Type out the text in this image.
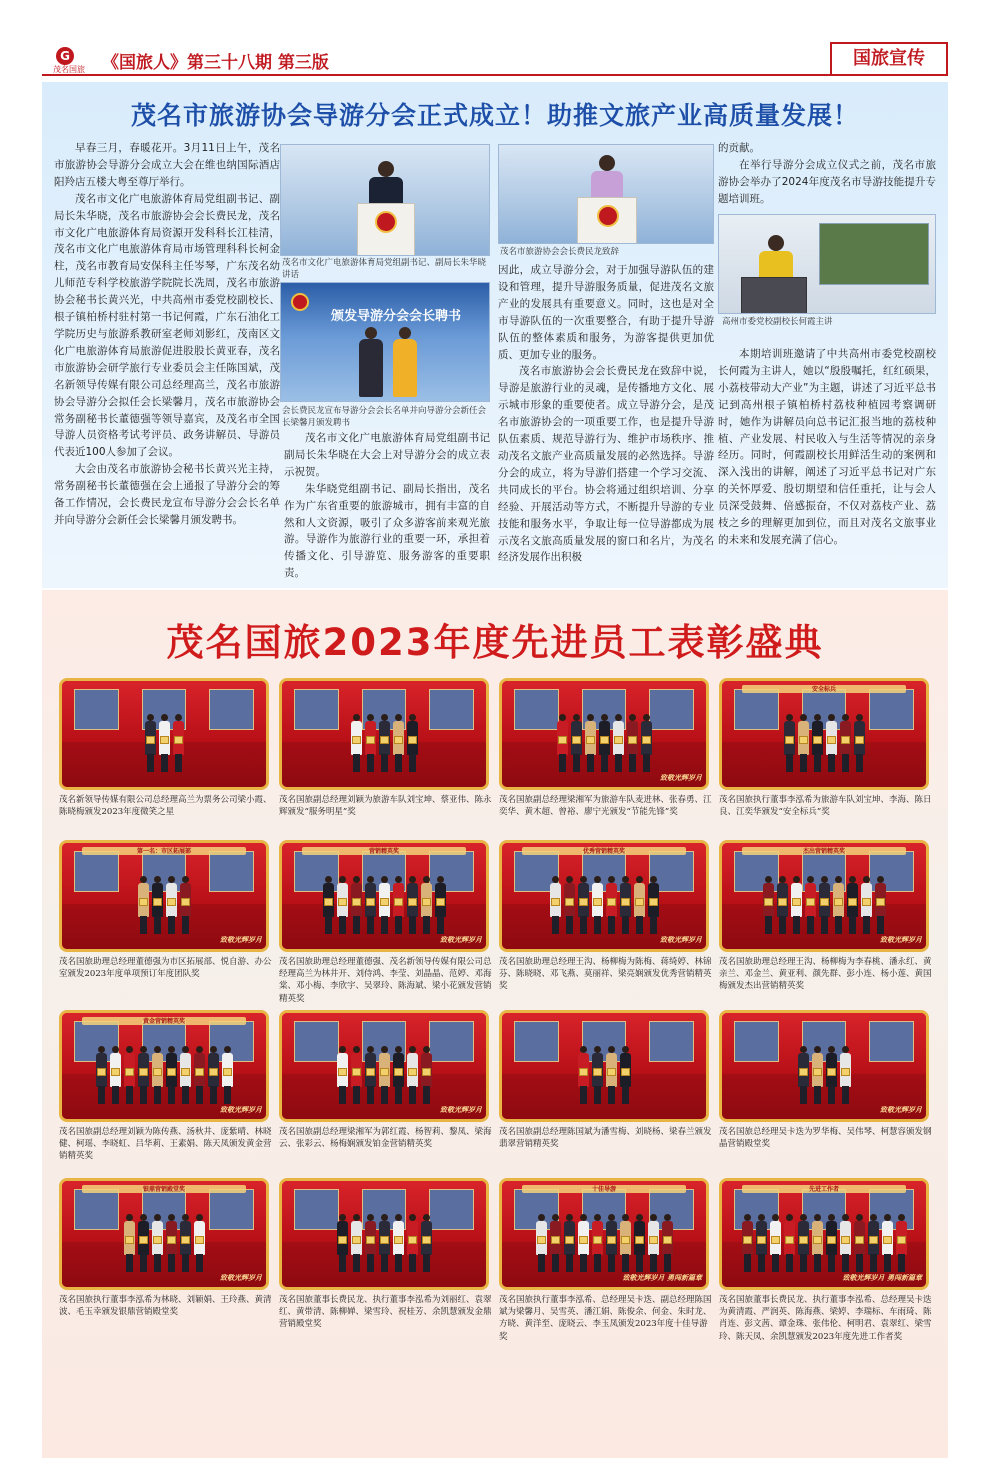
G
茂名国旅	《国旅人》第三十八期 第三版	国旅宣传
茂名市旅游协会导游分会正式成立！助推文旅产业高质量发展！

早春三月，春暖花开。3月11日上午，茂名市旅游协会导游分会成立大会在维也纳国际酒店阳羚店五楼大粤至尊厅举行。

茂名市文化广电旅游体育局党组副书记、副局长朱华晓，茂名市旅游协会会长费民龙，茂名市文化广电旅游体育局资源开发科科长江桂清，茂名市文化广电旅游体育局市场管理科科长柯金柱，茂名市教育局安保科主任岑琴，广东茂名幼儿师范专科学校旅游学院院长冼周，茂名市旅游协会秘书长黄兴光，中共高州市委党校副校长、根子镇柏桥村驻村第一书记何霞，广东石油化工学院历史与旅游系教研室老师刘影红，茂南区文化广电旅游体育局旅游促进股股长黄亚春，茂名市旅游协会研学旅行专业委员会主任陈国斌，茂名新领导传媒有限公司总经理高兰，茂名市旅游协会导游分会拟任会长梁馨月，茂名市旅游协会常务副秘书长董德强等领导嘉宾，及茂名市全国导游人员资格考试考评员、政务讲解员、导游员代表近100人参加了会议。

大会由茂名市旅游协会秘书长黄兴光主持，常务副秘书长董德强在会上通报了导游分会的筹备工作情况，会长费民龙宣布导游分会会长名单并向导游分会新任会长梁馨月颁发聘书。

茂名市文化广电旅游体育局党组副书记、副局长朱华晓讲话
颁发导游分会会长聘书
会长费民龙宣布导游分会会长名单并向导游分会新任会长梁馨月颁发聘书

茂名市文化广电旅游体育局党组副书记副局长朱华晓在大会上对导游分会的成立表示祝贺。

朱华晓党组副书记、副局长指出，茂名作为广东省重要的旅游城市，拥有丰富的自然和人文资源，吸引了众多游客前来观光旅游。导游作为旅游行业的重要一环，承担着传播文化、引导游览、服务游客的重要职责。

茂名市旅游协会会长费民龙致辞

因此，成立导游分会，对于加强导游队伍的建设和管理，提升导游服务质量，促进茂名文旅产业的发展具有重要意义。同时，这也是对全市导游队伍的一次重要整合，有助于提升导游队伍的整体素质和服务，为游客提供更加优质、更加专业的服务。

茂名市旅游协会会长费民龙在致辞中说，导游是旅游行业的灵魂，是传播地方文化、展示城市形象的重要使者。成立导游分会，是茂名市旅游协会的一项重要工作，也是提升导游队伍素质、规范导游行为、维护市场秩序、推动茂名文旅产业高质量发展的必然选择。导游分会的成立，将为导游们搭建一个学习交流、共同成长的平台。协会将通过组织培训、分享经验、开展活动等方式，不断提升导游的专业技能和服务水平，争取让每一位导游都成为展示茂名文旅高质量发展的窗口和名片，为茂名经济发展作出积极

的贡献。

在举行导游分会成立仪式之前，茂名市旅游协会举办了2024年度茂名市导游技能提升专题培训班。

高州市委党校副校长何霞主讲

本期培训班邀请了中共高州市委党校副校长何霞为主讲人，她以“殷殷嘱托，红红硕果，小荔枝带动大产业”为主题，讲述了习近平总书记到高州根子镇柏桥村荔枝种植园考察调研时，她作为讲解员向总书记汇报当地的荔枝种植、产业发展、村民收入与生活等情况的亲身经历。同时，何霞副校长用鲜活生动的案例和深入浅出的讲解，阐述了习近平总书记对广东的关怀厚爱、殷切期望和信任重托，让与会人员深受鼓舞、倍感振奋，不仅对荔枝产业、荔枝之乡的理解更加到位，而且对茂名文旅事业的未来和发展充满了信心。

茂名国旅2023年度先进员工表彰盛典
茂名新领导传媒有限公司总经理高兰为票务公司梁小霞、陈晓梅颁发2023年度微笑之星
茂名国旅副总经理刘颖为旅游车队刘宝坤、蔡亚伟、陈永辉颁发“服务明星”奖
致敬光辉岁月
茂名国旅副总经理梁湘军为旅游车队麦进林、张春勇、江奕华、黄木超、曾裕、廖宁光颁发“节能先锋”奖
安全标兵
茂名国旅执行董事李泓希为旅游车队刘宝坤、李海、陈日良、江奕华颁发“安全标兵”奖
第一名：市区拓展部
致敬光辉岁月
茂名国旅助理总经理董德强为市区拓展部、悦自游、办公室颁发2023年度单项预订年度团队奖
营销精英奖
致敬光辉岁月
茂名国旅助理总经理董德强、茂名新领导传媒有限公司总经理高兰为林井开、刘侍鸿、李莹、刘晶晶、范婷、邓海棠、邓小梅、李欣宇、吴翠玲、陈海斌、梁小花颁发营销精英奖
优秀营销精英奖
致敬光辉岁月
茂名国旅助理总经理王沟、杨柳梅为陈梅、蒋绮婷、林锦芬、陈晓晓、邓飞燕、莫丽祥、梁亮娴颁发优秀营销精英奖
杰出营销精英奖
致敬光辉岁月
茂名国旅助理总经理王沟、杨柳梅为李春桃、潘永红、黄亲兰、邓金兰、黄亚利、颜先群、彭小连、杨小莲、黄国梅颁发杰出营销精英奖
黄金营销精英奖
致敬光辉岁月
茂名国旅副总经理刘颖为陈传燕、汤秋井、庞紫晴、林晓健、柯瑶、李晓虹、吕华莉、王素娟、陈天凤颁发黄金营销精英奖
致敬光辉岁月
茂名国旅副总经理梁湘军为郭红霞、杨智莉、黎凤、梁海云、张彩云、杨梅娴颁发铂金营销精英奖
茂名国旅副总经理陈国斌为潘雪梅、刘晓杨、梁春兰颁发翡翠营销精英奖
致敬光辉岁月
茂名国旅总经理吴卡迭为罗华梅、吴伟琴、柯慧容颁发钢晶营销殿堂奖
银鼎营销殿堂奖
致敬光辉岁月
茂名国旅执行董事李泓希为林晓、刘颖娟、王玲燕、黄清波、毛玉幸颁发银鼎营销殿堂奖
茂名国旅董事长费民龙、执行董事李泓希为刘丽红、袁翠红、黄带清、陈柳婵、梁雪玲、祝桂芳、余凯慧颁发金鼎营销殿堂奖
十佳导游
致敬光辉岁月 勇闯新篇章
茂名国旅执行董事李泓希、总经理吴卡迭、副总经理陈国斌为梁馨月、吴雪英、潘江娟、陈俊余、何金、朱时龙、方晓、黄洋至、庞晓云、李玉凤颁发2023年度十佳导游奖
先进工作者
致敬光辉岁月 勇闯新篇章
茂名国旅董事长费民龙、执行董事李泓希、总经理吴卡迭为黄清霞、严润英、陈海燕、梁婷、李瑞标、车雨琦、陈肖连、彭文茜、谭金珠、张伟伦、柯明君、袁翠红、梁雪玲、陈天凤、余凯慧颁发2023年度先进工作者奖
